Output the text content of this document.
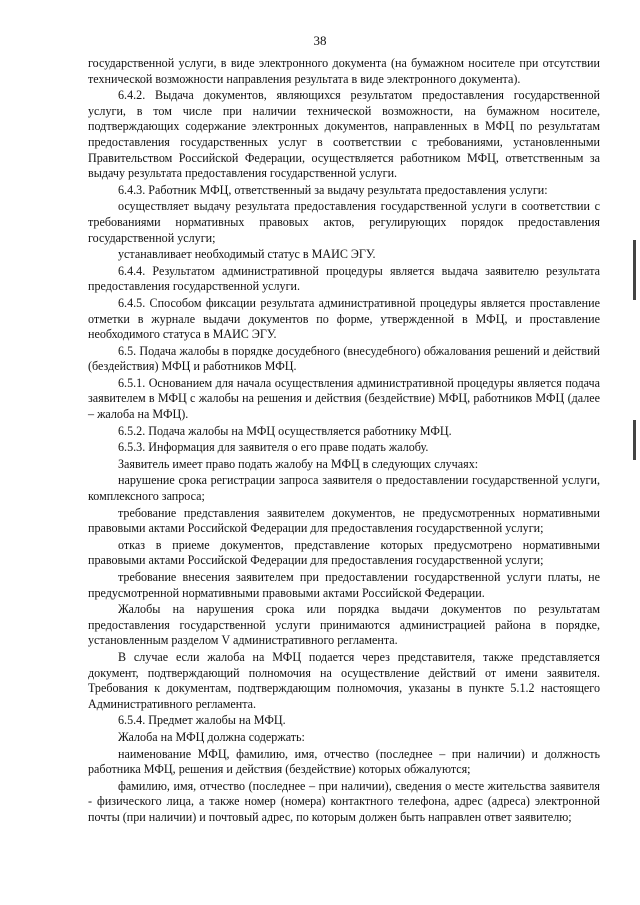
38

государственной услуги, в виде электронного документа (на бумажном носителе при отсутствии технической возможности направления результата в виде электронного документа).

6.4.2. Выдача документов, являющихся результатом предоставления государственной услуги, в том числе при наличии технической возможности, на бумажном носителе, подтверждающих содержание электронных документов, направленных в МФЦ по результатам предоставления государственных услуг в соответствии с требованиями, установленными Правительством Российской Федерации, осуществляется работником МФЦ, ответственным за выдачу результата предоставления государственной услуги.

6.4.3. Работник МФЦ, ответственный за выдачу результата предоставления услуги:

осуществляет выдачу результата предоставления государственной услуги в соответствии с требованиями нормативных правовых актов, регулирующих порядок предоставления государственной услуги;

устанавливает необходимый статус в МАИС ЭГУ.

6.4.4. Результатом административной процедуры является выдача заявителю результата предоставления государственной услуги.

6.4.5. Способом фиксации результата административной процедуры является проставление отметки в журнале выдачи документов по форме, утвержденной в МФЦ, и проставление необходимого статуса в МАИС ЭГУ.

6.5. Подача жалобы в порядке досудебного (внесудебного) обжалования решений и действий (бездействия) МФЦ и работников МФЦ.

6.5.1. Основанием для начала осуществления административной процедуры является подача заявителем в МФЦ с жалобы на решения и действия (бездействие) МФЦ, работников МФЦ (далее – жалоба на МФЦ).

6.5.2. Подача жалобы на МФЦ осуществляется работнику МФЦ.

6.5.3. Информация для заявителя о его праве подать жалобу.

Заявитель имеет право подать жалобу на МФЦ в следующих случаях:

нарушение срока регистрации запроса заявителя о предоставлении государственной услуги, комплексного запроса;

требование представления заявителем документов, не предусмотренных нормативными правовыми актами Российской Федерации для предоставления государственной услуги;

отказ в приеме документов, представление которых предусмотрено нормативными правовыми актами Российской Федерации для предоставления государственной услуги;

требование внесения заявителем при предоставлении государственной услуги платы, не предусмотренной нормативными правовыми актами Российской Федерации.

Жалобы на нарушения срока или порядка выдачи документов по результатам предоставления государственной услуги принимаются администрацией района в порядке, установленным разделом V административного регламента.

В случае если жалоба на МФЦ подается через представителя, также представляется документ, подтверждающий полномочия на осуществление действий от имени заявителя. Требования к документам, подтверждающим полномочия, указаны в пункте 5.1.2 настоящего Административного регламента.

6.5.4. Предмет жалобы на МФЦ.

Жалоба на МФЦ должна содержать:

наименование МФЦ, фамилию, имя, отчество (последнее – при наличии) и должность работника МФЦ, решения и действия (бездействие) которых обжалуются;

фамилию, имя, отчество (последнее – при наличии), сведения о месте жительства заявителя - физического лица, а также номер (номера) контактного телефона, адрес (адреса) электронной почты (при наличии) и почтовый адрес, по которым должен быть направлен ответ заявителю;
